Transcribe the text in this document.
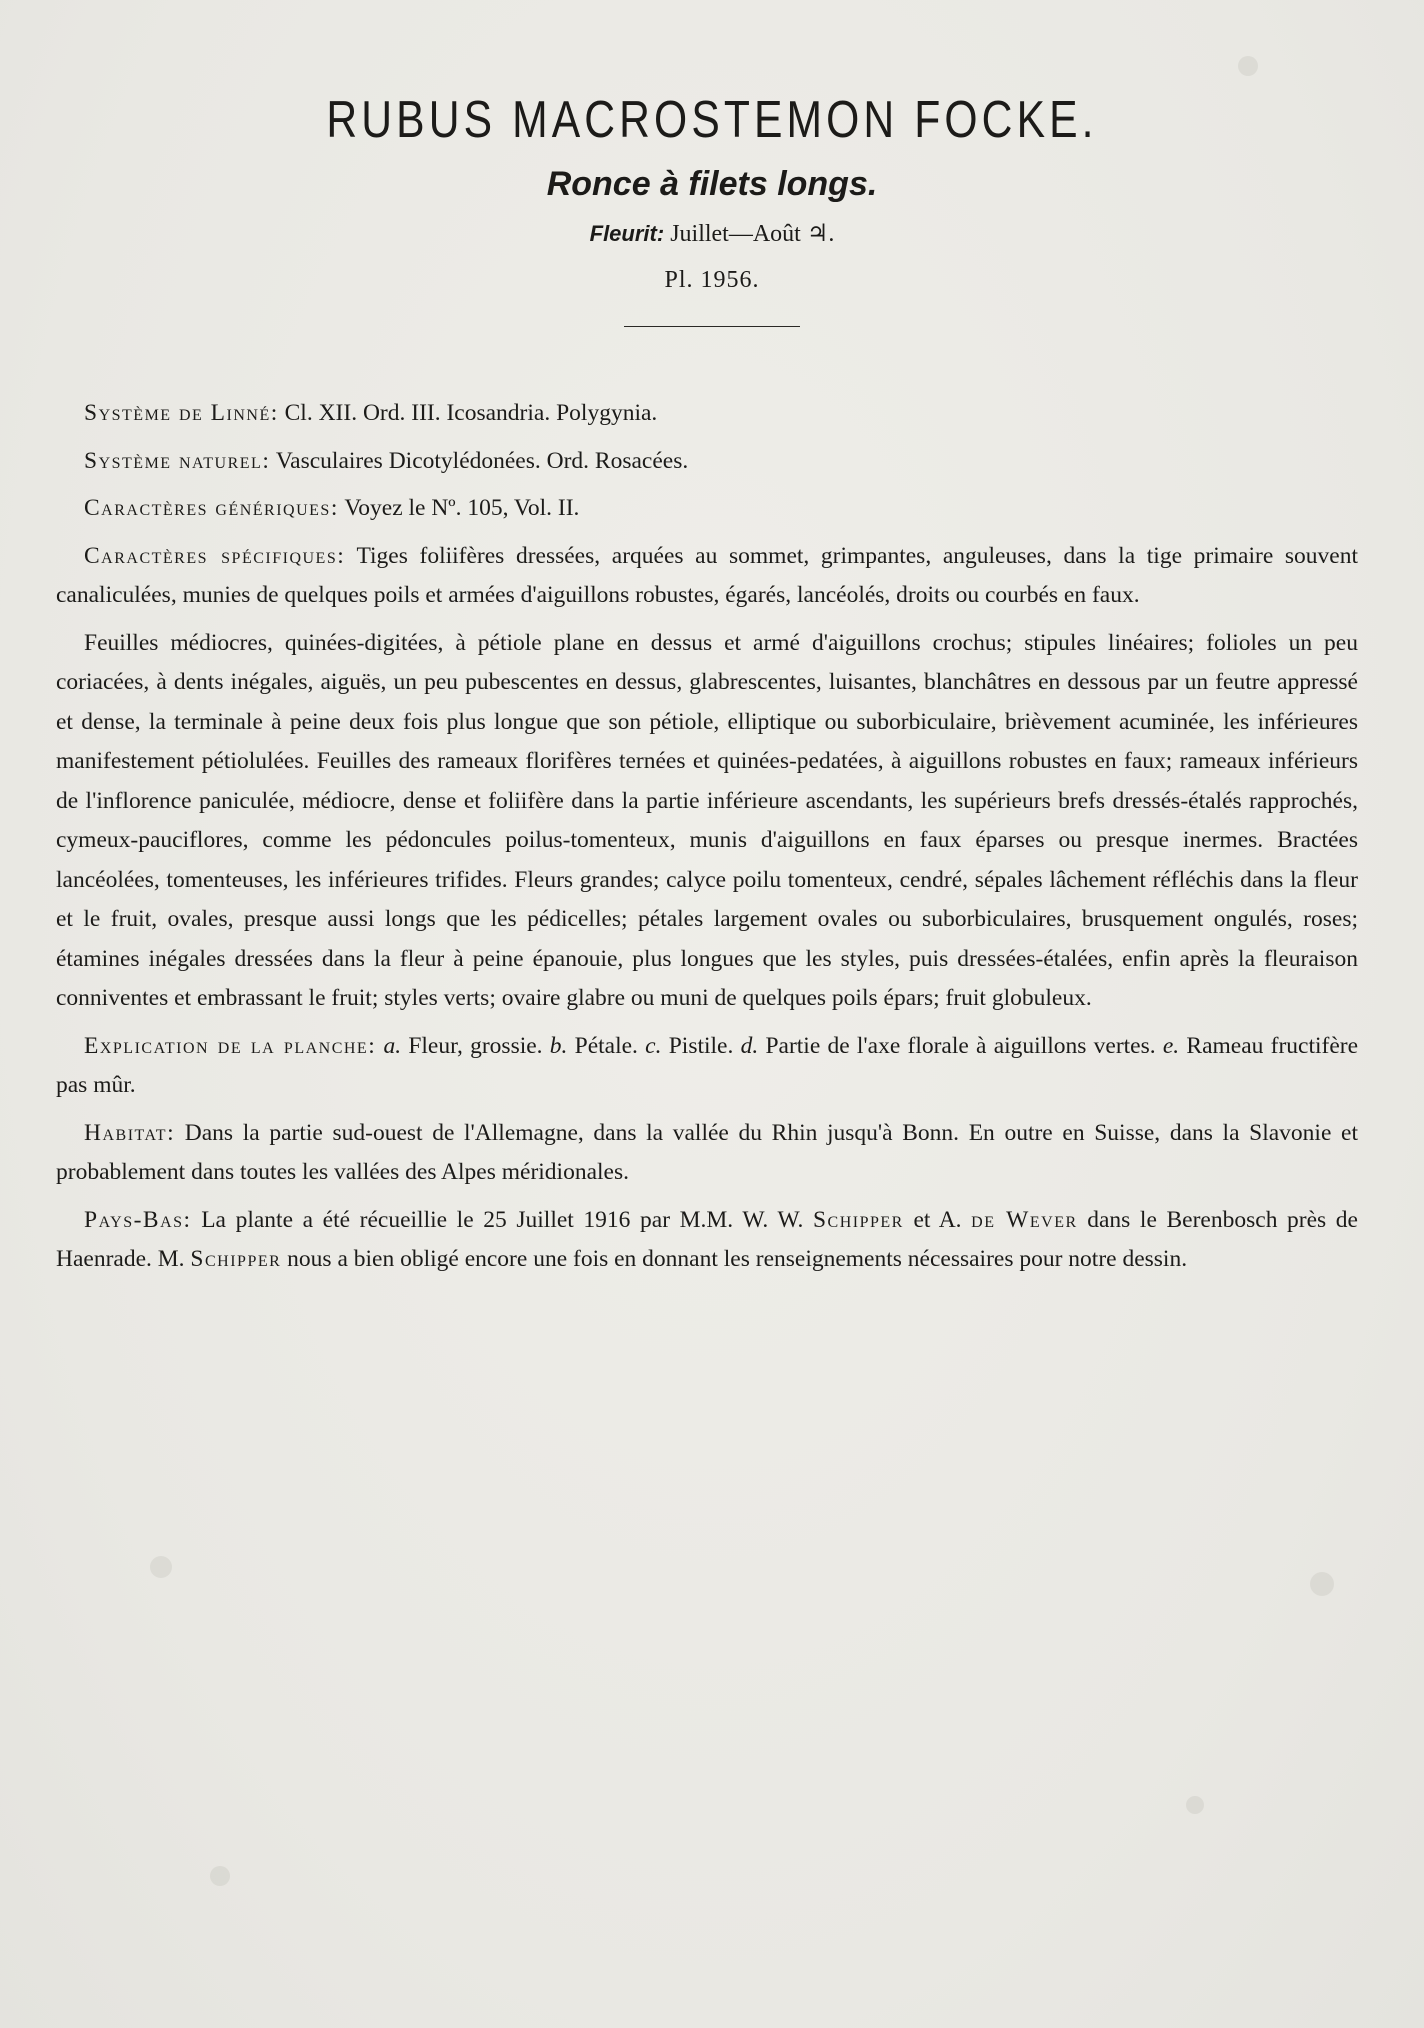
RUBUS MACROSTEMON FOCKE.
Ronce à filets longs.
Fleurit: Juillet—Août ♃.
Pl. 1956.

Système de Linné: Cl. XII. Ord. III. Icosandria. Polygynia.

Système naturel: Vasculaires Dicotylédonées. Ord. Rosacées.

Caractères génériques: Voyez le Nº. 105, Vol. II.

Caractères spécifiques: Tiges foliifères dressées, arquées au sommet, grimpantes, anguleuses, dans la tige primaire souvent canaliculées, munies de quelques poils et armées d'aiguillons robustes, égarés, lancéolés, droits ou courbés en faux.

Feuilles médiocres, quinées-digitées, à pétiole plane en dessus et armé d'aiguillons crochus; stipules linéaires; folioles un peu coriacées, à dents inégales, aiguës, un peu pubescentes en dessus, glabrescentes, luisantes, blanchâtres en dessous par un feutre appressé et dense, la terminale à peine deux fois plus longue que son pétiole, elliptique ou suborbiculaire, brièvement acuminée, les inférieures manifestement pétiolulées. Feuilles des rameaux florifères ternées et quinées-pedatées, à aiguillons robustes en faux; rameaux inférieurs de l'inflorence paniculée, médiocre, dense et foliifère dans la partie inférieure ascendants, les supérieurs brefs dressés-étalés rapprochés, cymeux-pauciflores, comme les pédoncules poilus-tomenteux, munis d'aiguillons en faux éparses ou presque inermes. Bractées lancéolées, tomenteuses, les inférieures trifides. Fleurs grandes; calyce poilu tomenteux, cendré, sépales lâchement réfléchis dans la fleur et le fruit, ovales, presque aussi longs que les pédicelles; pétales largement ovales ou suborbiculaires, brusquement ongulés, roses; étamines inégales dressées dans la fleur à peine épanouie, plus longues que les styles, puis dressées-étalées, enfin après la fleuraison conniventes et embrassant le fruit; styles verts; ovaire glabre ou muni de quelques poils épars; fruit globuleux.

Explication de la planche: a. Fleur, grossie. b. Pétale. c. Pistile. d. Partie de l'axe florale à aiguillons vertes. e. Rameau fructifère pas mûr.

Habitat: Dans la partie sud-ouest de l'Allemagne, dans la vallée du Rhin jusqu'à Bonn. En outre en Suisse, dans la Slavonie et probablement dans toutes les vallées des Alpes méridionales.

Pays-Bas: La plante a été récueillie le 25 Juillet 1916 par M.M. W. W. Schipper et A. de Wever dans le Berenbosch près de Haenrade. M. Schipper nous a bien obligé encore une fois en donnant les renseignements nécessaires pour notre dessin.
